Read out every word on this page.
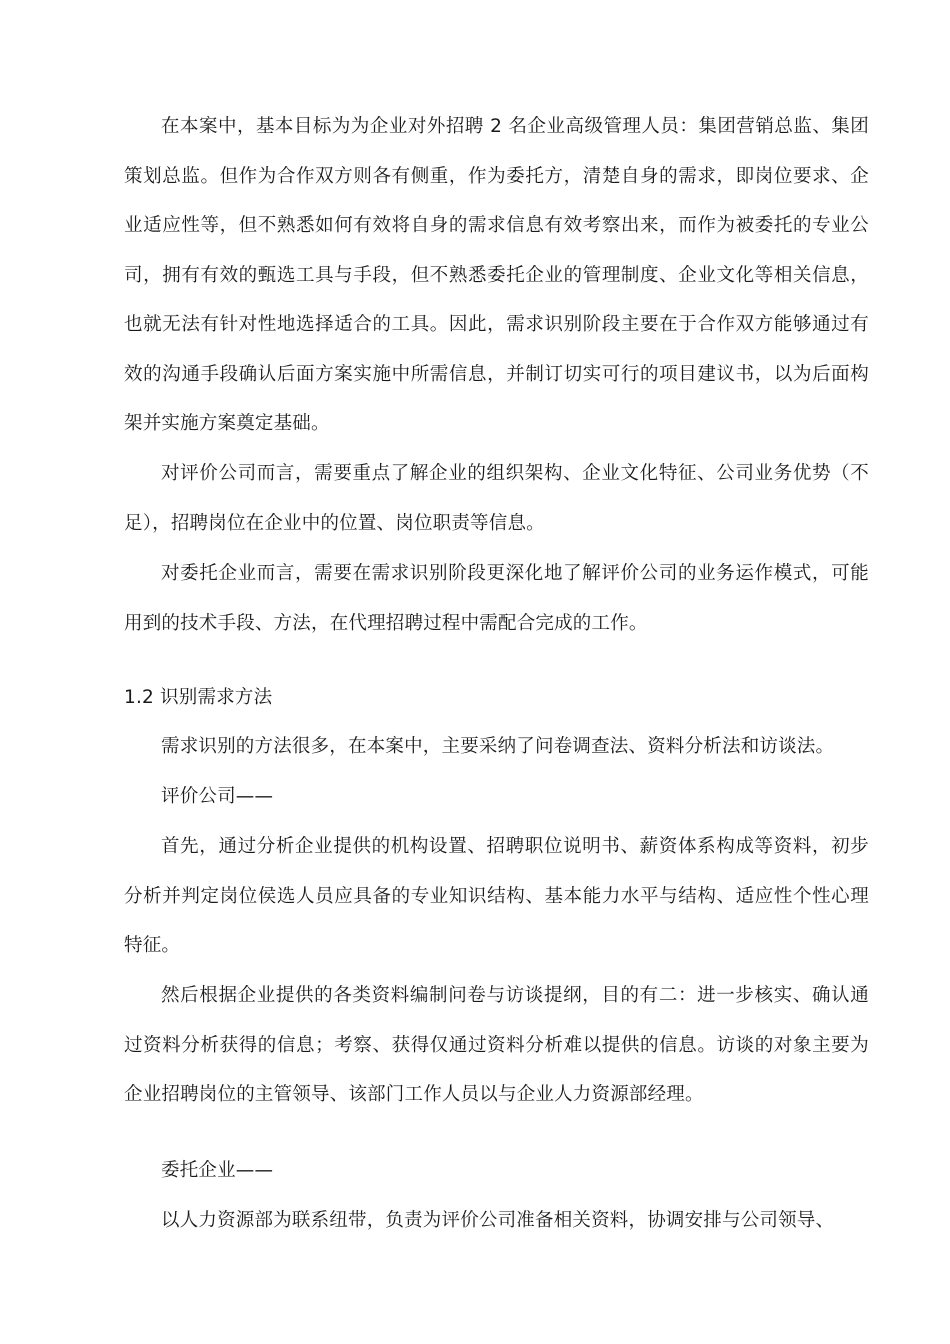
在本案中，基本目标为为企业对外招聘 2 名企业高级管理人员：集团营销总监、集团策划总监。但作为合作双方则各有侧重，作为委托方，清楚自身的需求，即岗位要求、企业适应性等，但不熟悉如何有效将自身的需求信息有效考察出来，而作为被委托的专业公司，拥有有效的甄选工具与手段，但不熟悉委托企业的管理制度、企业文化等相关信息，也就无法有针对性地选择适合的工具。因此，需求识别阶段主要在于合作双方能够通过有效的沟通手段确认后面方案实施中所需信息，并制订切实可行的项目建议书，以为后面构架并实施方案奠定基础。

对评价公司而言，需要重点了解企业的组织架构、企业文化特征、公司业务优势（不足），招聘岗位在企业中的位置、岗位职责等信息。

对委托企业而言，需要在需求识别阶段更深化地了解评价公司的业务运作模式，可能用到的技术手段、方法，在代理招聘过程中需配合完成的工作。

1.2 识别需求方法

需求识别的方法很多，在本案中，主要采纳了问卷调查法、资料分析法和访谈法。

评价公司——

首先，通过分析企业提供的机构设置、招聘职位说明书、薪资体系构成等资料，初步分析并判定岗位侯选人员应具备的专业知识结构、基本能力水平与结构、适应性个性心理特征。

然后根据企业提供的各类资料编制问卷与访谈提纲，目的有二：进一步核实、确认通过资料分析获得的信息；考察、获得仅通过资料分析难以提供的信息。访谈的对象主要为企业招聘岗位的主管领导、该部门工作人员以与企业人力资源部经理。

委托企业——

以人力资源部为联系纽带，负责为评价公司准备相关资料，协调安排与公司领导、
